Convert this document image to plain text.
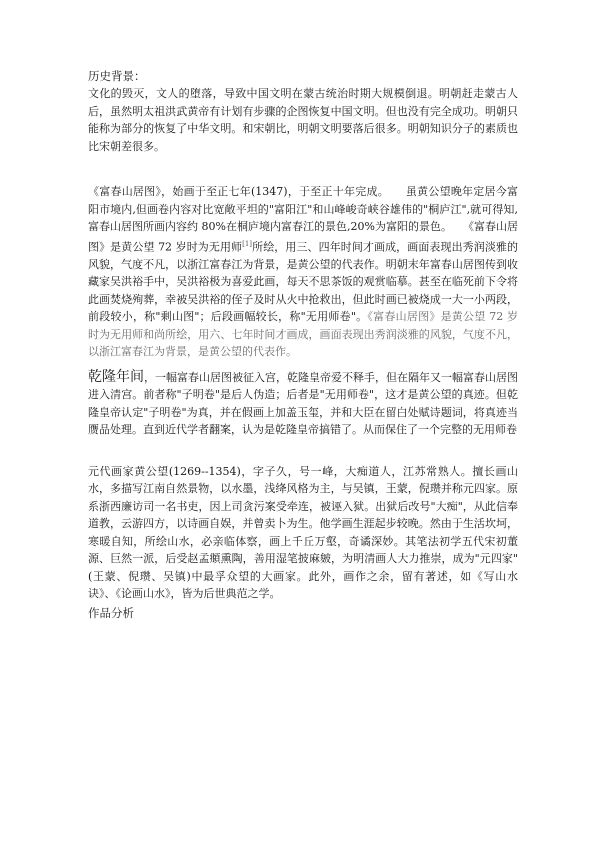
历史背景：

文化的毁灭，文人的堕落，导致中国文明在蒙古统治时期大规模倒退。明朝赶走蒙古人后，虽然明太祖洪武黄帝有计划有步骤的企图恢复中国文明。但也没有完全成功。明朝只能称为部分的恢复了中华文明。和宋朝比，明朝文明要落后很多。明朝知识分子的素质也比宋朝差很多。

《富春山居图》，始画于至正七年(1347)，于至正十年完成。　　虽黄公望晚年定居今富阳市境内,但画卷内容对比宽敞平坦的"富阳江"和山峰峻奇峡谷雄伟的"桐庐江",就可得知,富春山居图所画内容约 80%在桐庐境内富春江的景色,20%为富阳的景色。　　《富春山居图》是黄公望 72 岁时为无用师[1]所绘，用三、四年时间才画成，画面表现出秀润淡雅的风貌，气度不凡，以浙江富春江为背景，是黄公望的代表作。明朝末年富春山居图传到收藏家吴洪裕手中，吴洪裕极为喜爱此画，每天不思茶饭的观赏临摹。甚至在临死前下令将此画焚烧殉葬，幸被吴洪裕的侄子及时从火中抢救出，但此时画已被烧成一大一小两段，前段较小，称"剩山图"；后段画幅较长，称"无用师卷"。《富春山居图》是黄公望 72 岁时为无用师和尚所绘，用六、七年时间才画成，画面表现出秀润淡雅的风貌，气度不凡，以浙江富春江为背景，是黄公望的代表作。

乾隆年间，一幅富春山居图被征入宫，乾隆皇帝爱不释手，但在隔年又一幅富春山居图进入清宫。前者称"子明卷"是后人伪造；后者是"无用师卷"，这才是黄公望的真迹。但乾隆皇帝认定"子明卷"为真，并在假画上加盖玉玺，并和大臣在留白处赋诗题词，将真迹当赝品处理。直到近代学者翻案，认为是乾隆皇帝搞错了。从而保住了一个完整的无用师卷

元代画家黄公望(1269--1354)，字子久，号一峰，大痴道人，江苏常熟人。擅长画山水，多描写江南自然景物，以水墨，浅绛风格为主，与吴镇，王蒙，倪瓒并称元四家。原系浙西廉访司一名书吏，因上司贪污案受牵连，被诬入狱。出狱后改号"大痴"，从此信奉道教，云游四方，以诗画自娱，并曾卖卜为生。他学画生涯起步较晚。然由于生活坎坷，寒暖自知，所绘山水，必亲临体察，画上千丘万壑，奇谲深妙。其笔法初学五代宋初董源、巨然一派，后受赵孟頫熏陶，善用湿笔披麻皴，为明清画人大力推崇，成为"元四家"(王蒙、倪瓒、吴镇)中最孚众望的大画家。此外，画作之余，留有著述，如《写山水诀》、《论画山水》，皆为后世典范之学。

作品分析
